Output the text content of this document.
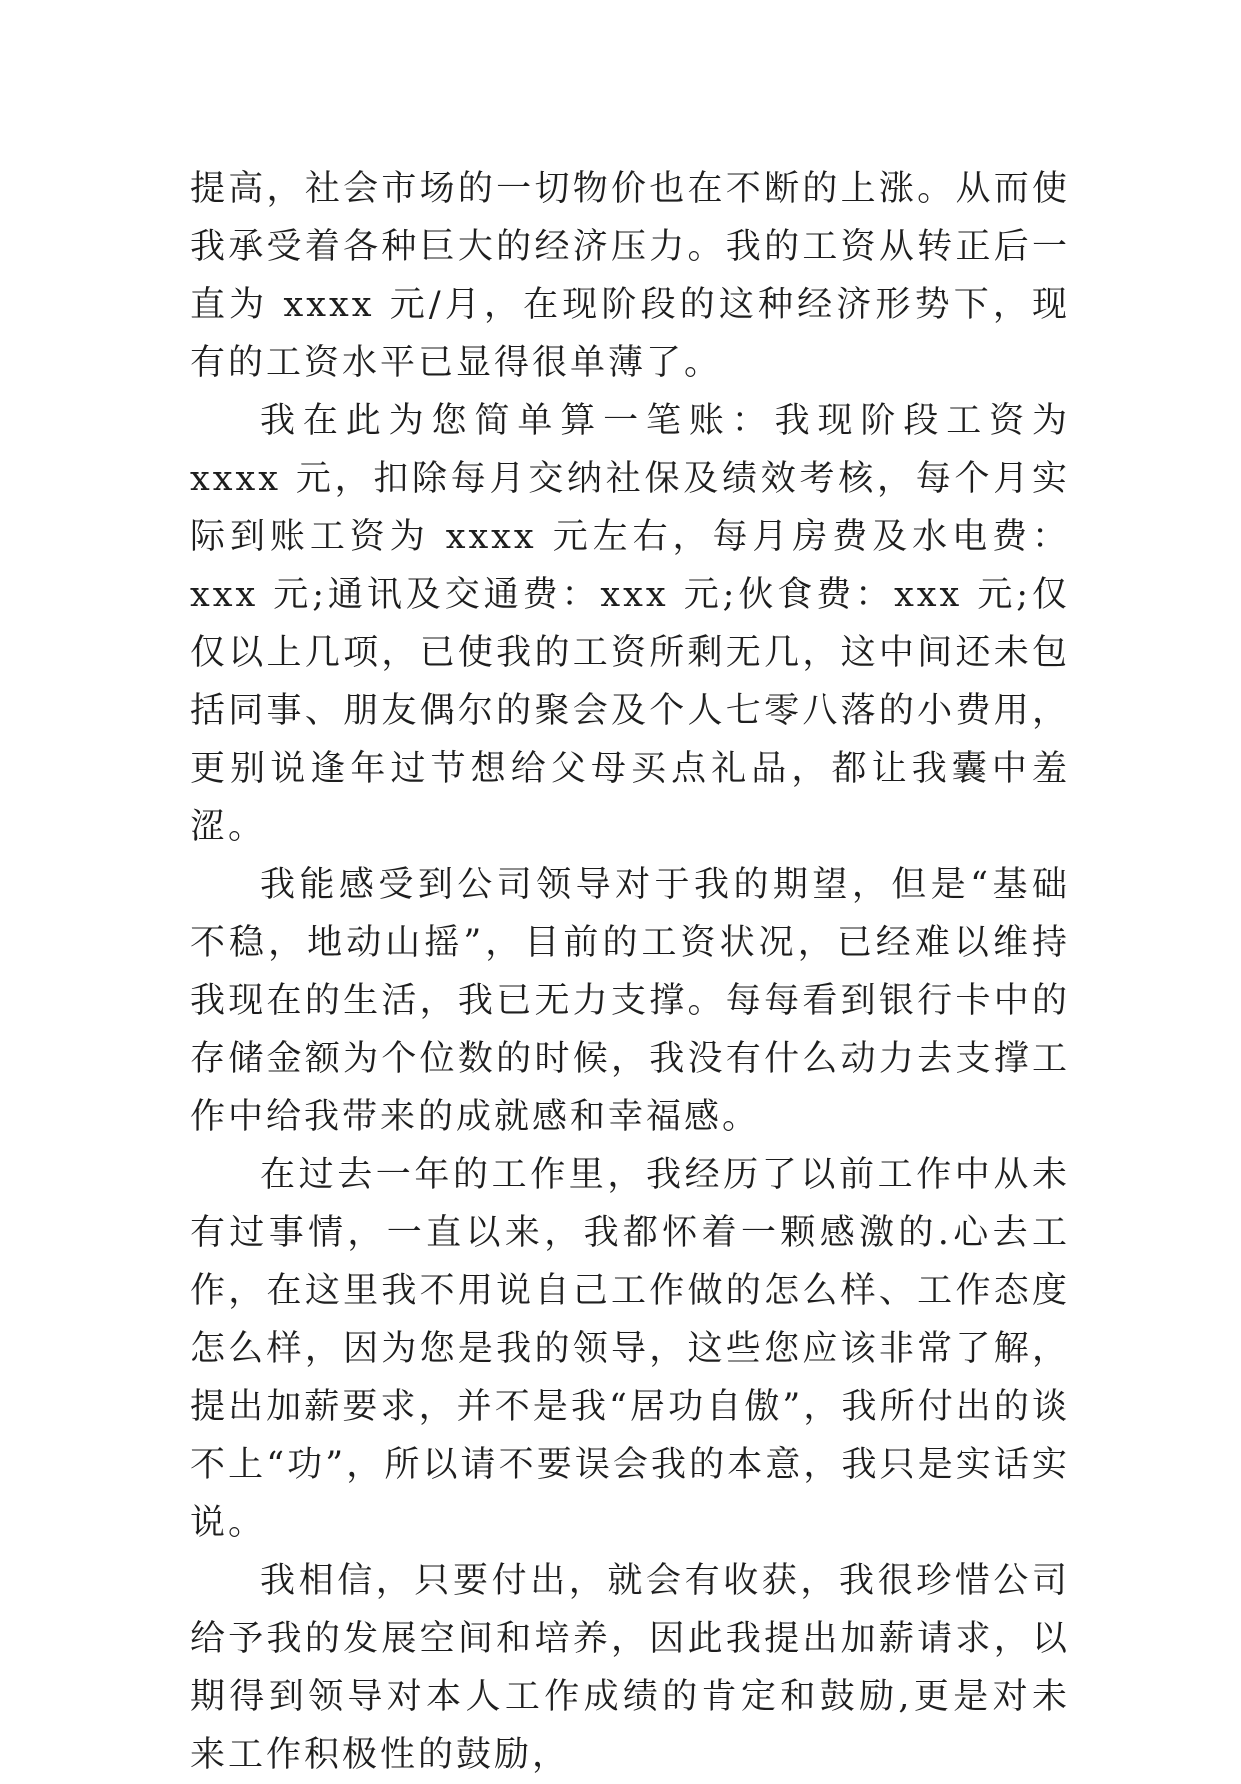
提高，社会市场的一切物价也在不断的上涨。从而使我承受着各种巨大的经济压力。我的工资从转正后一直为 xxxx 元/月，在现阶段的这种经济形势下，现有的工资水平已显得很单薄了。

我在此为您简单算一笔账：我现阶段工资为 xxxx 元，扣除每月交纳社保及绩效考核，每个月实际到账工资为 xxxx 元左右，每月房费及水电费：xxx 元;通讯及交通费：xxx 元;伙食费：xxx 元;仅仅以上几项，已使我的工资所剩无几，这中间还未包括同事、朋友偶尔的聚会及个人七零八落的小费用，更别说逢年过节想给父母买点礼品，都让我囊中羞涩。

我能感受到公司领导对于我的期望，但是“基础不稳，地动山摇”，目前的工资状况，已经难以维持我现在的生活，我已无力支撑。每每看到银行卡中的存储金额为个位数的时候，我没有什么动力去支撑工作中给我带来的成就感和幸福感。

在过去一年的工作里，我经历了以前工作中从未有过事情，一直以来，我都怀着一颗感激的.心去工作，在这里我不用说自己工作做的怎么样、工作态度怎么样，因为您是我的领导，这些您应该非常了解，提出加薪要求，并不是我“居功自傲”，我所付出的谈不上“功”，所以请不要误会我的本意，我只是实话实说。

我相信，只要付出，就会有收获，我很珍惜公司给予我的发展空间和培养，因此我提出加薪请求，以期得到领导对本人工作成绩的肯定和鼓励,更是对未来工作积极性的鼓励，
